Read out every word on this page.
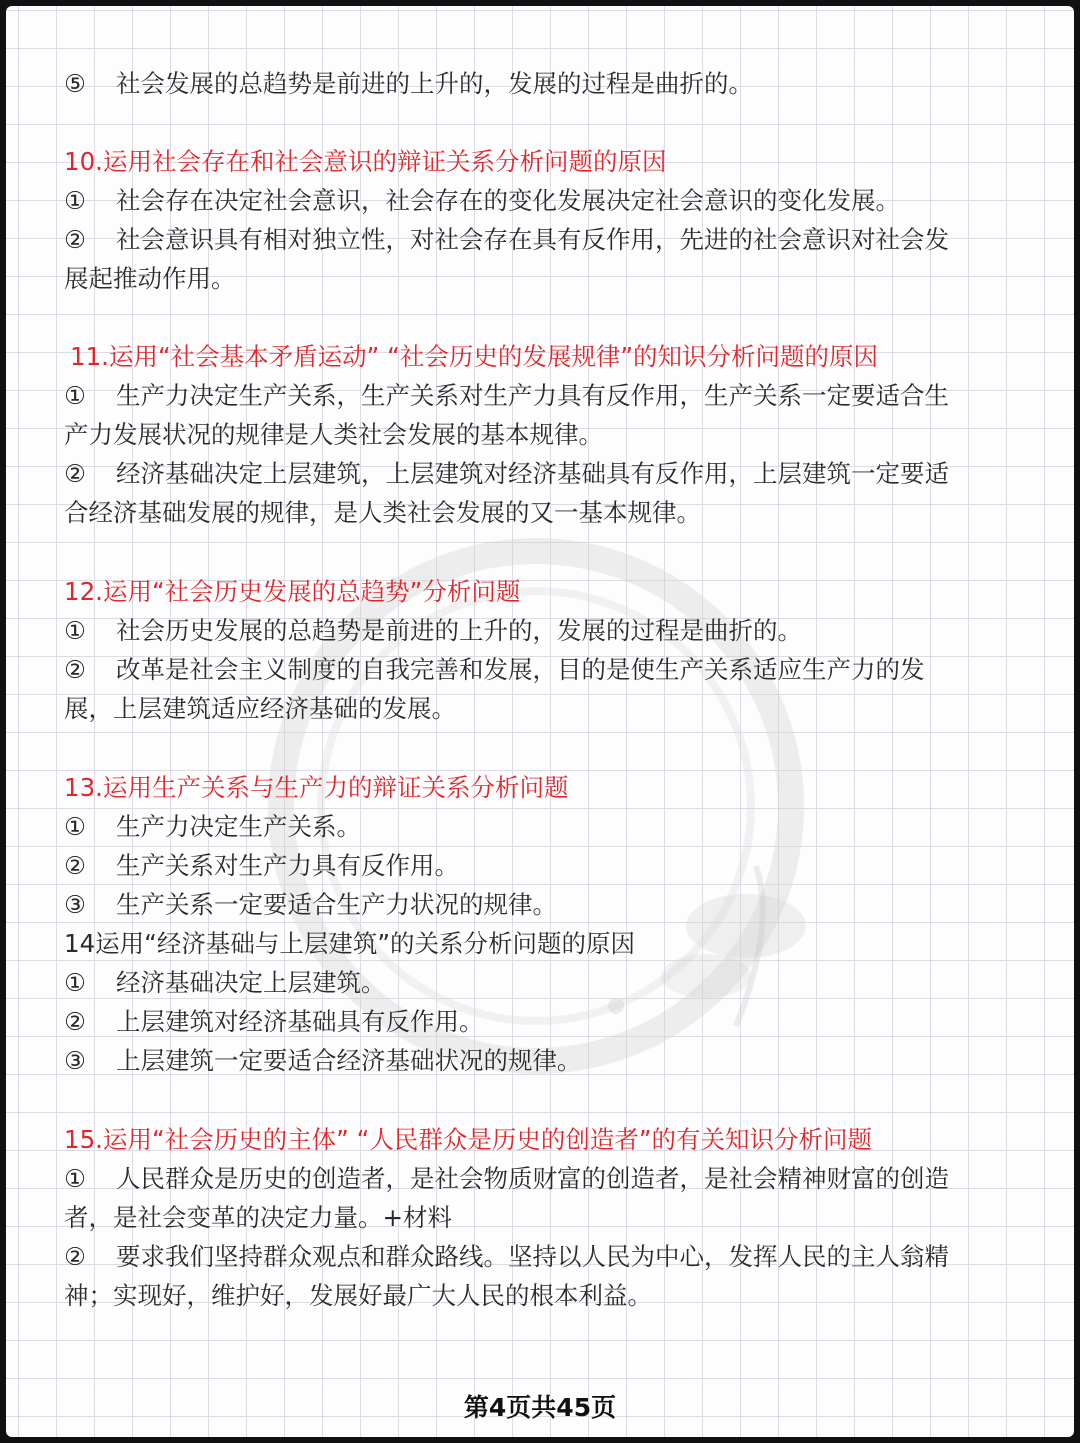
⑤ 社会发展的总趋势是前进的上升的，发展的过程是曲折的。
10.运用社会存在和社会意识的辩证关系分析问题的原因
① 社会存在决定社会意识，社会存在的变化发展决定社会意识的变化发展。
② 社会意识具有相对独立性，对社会存在具有反作用，先进的社会意识对社会发
展起推动作用。
11.运用“社会基本矛盾运动” “社会历史的发展规律”的知识分析问题的原因
① 生产力决定生产关系，生产关系对生产力具有反作用，生产关系一定要适合生
产力发展状况的规律是人类社会发展的基本规律。
② 经济基础决定上层建筑，上层建筑对经济基础具有反作用，上层建筑一定要适
合经济基础发展的规律，是人类社会发展的又一基本规律。
12.运用“社会历史发展的总趋势”分析问题
① 社会历史发展的总趋势是前进的上升的，发展的过程是曲折的。
② 改革是社会主义制度的自我完善和发展，目的是使生产关系适应生产力的发
展，上层建筑适应经济基础的发展。
13.运用生产关系与生产力的辩证关系分析问题
① 生产力决定生产关系。
② 生产关系对生产力具有反作用。
③ 生产关系一定要适合生产力状况的规律。
14运用“经济基础与上层建筑”的关系分析问题的原因
① 经济基础决定上层建筑。
② 上层建筑对经济基础具有反作用。
③ 上层建筑一定要适合经济基础状况的规律。
15.运用“社会历史的主体” “人民群众是历史的创造者”的有关知识分析问题
① 人民群众是历史的创造者，是社会物质财富的创造者，是社会精神财富的创造
者，是社会变革的决定力量。+材料
② 要求我们坚持群众观点和群众路线。坚持以人民为中心，发挥人民的主人翁精
神；实现好，维护好，发展好最广大人民的根本利益。
第4页共45页
